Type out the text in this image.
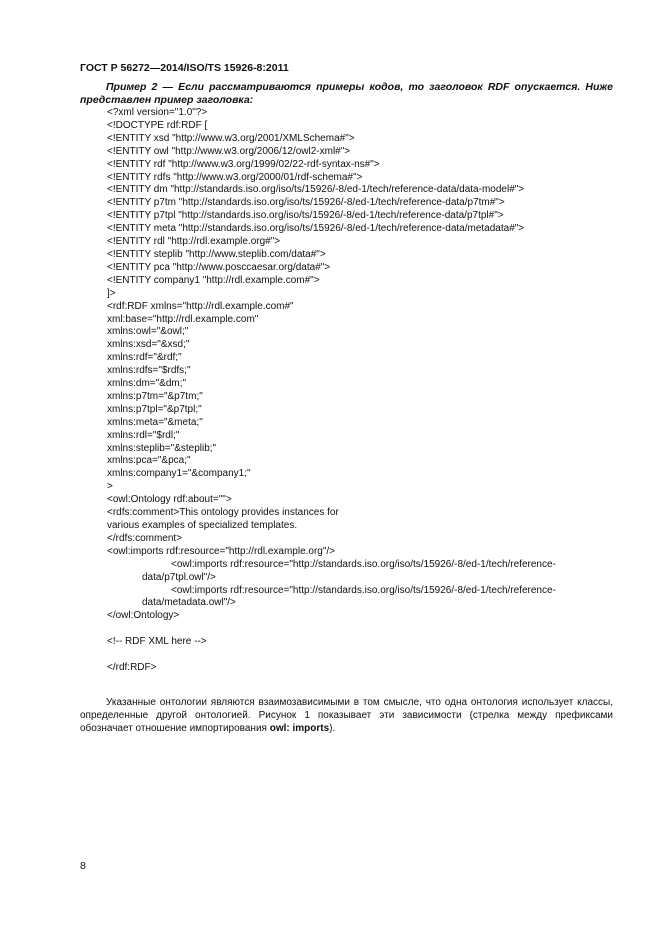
ГОСТ Р 56272—2014/ISO/TS 15926-8:2011
Пример 2 — Если рассматриваются примеры кодов, то заголовок RDF опускается. Ниже представлен пример заголовка:
<?xml version="1.0"?>
<!DOCTYPE rdf:RDF [
<!ENTITY xsd "http://www.w3.org/2001/XMLSchema#">
<!ENTITY owl "http://www.w3.org/2006/12/owl2-xml#">
<!ENTITY rdf "http://www.w3.org/1999/02/22-rdf-syntax-ns#">
<!ENTITY rdfs "http://www.w3.org/2000/01/rdf-schema#">
<!ENTITY dm "http://standards.iso.org/iso/ts/15926/-8/ed-1/tech/reference-data/data-model#">
<!ENTITY p7tm "http://standards.iso.org/iso/ts/15926/-8/ed-1/tech/reference-data/p7tm#">
<!ENTITY p7tpl "http://standards.iso.org/iso/ts/15926/-8/ed-1/tech/reference-data/p7tpl#">
<!ENTITY meta "http://standards.iso.org/iso/ts/15926/-8/ed-1/tech/reference-data/metadata#">
<!ENTITY rdl "http://rdl.example.org#">
<!ENTITY steplib "http://www.steplib.com/data#">
<!ENTITY pca "http://www.posccaesar.org/data#">
<!ENTITY company1 "http://rdl.example.com#">
]>
<rdf:RDF xmlns="http://rdl.example.com#"
xml:base="http://rdl.example.com"
xmlns:owl="&owl;"
xmlns:xsd="&xsd;"
xmlns:rdf="&rdf;"
xmlns:rdfs="$rdfs;"
xmlns:dm="&dm;"
xmlns:p7tm="&p7tm;"
xmlns:p7tpl="&p7tpl;"
xmlns:meta="&meta;"
xmlns:rdl="$rdl;"
xmlns:steplib="&steplib;"
xmlns:pca="&pca;"
xmlns:company1="&company1;"
>
<owl:Ontology rdf:about="">
<rdfs:comment>This ontology provides instances for
various examples of specialized templates.
</rdfs:comment>
<owl:imports rdf:resource="http://rdl.example.org"/>
<owl:imports rdf:resource="http://standards.iso.org/iso/ts/15926/-8/ed-1/tech/reference-
data/p7tpl.owl"/>
<owl:imports rdf:resource="http://standards.iso.org/iso/ts/15926/-8/ed-1/tech/reference-
data/metadata.owl"/>
</owl:Ontology>
<!-- RDF XML here -->
</rdf:RDF>

Указанные онтологии являются взаимозависимыми в том смысле, что одна онтология использует классы, определенные другой онтологией. Рисунок 1 показывает эти зависимости (стрелка между префиксами обозначает отношение импортирования owl: imports).

8
